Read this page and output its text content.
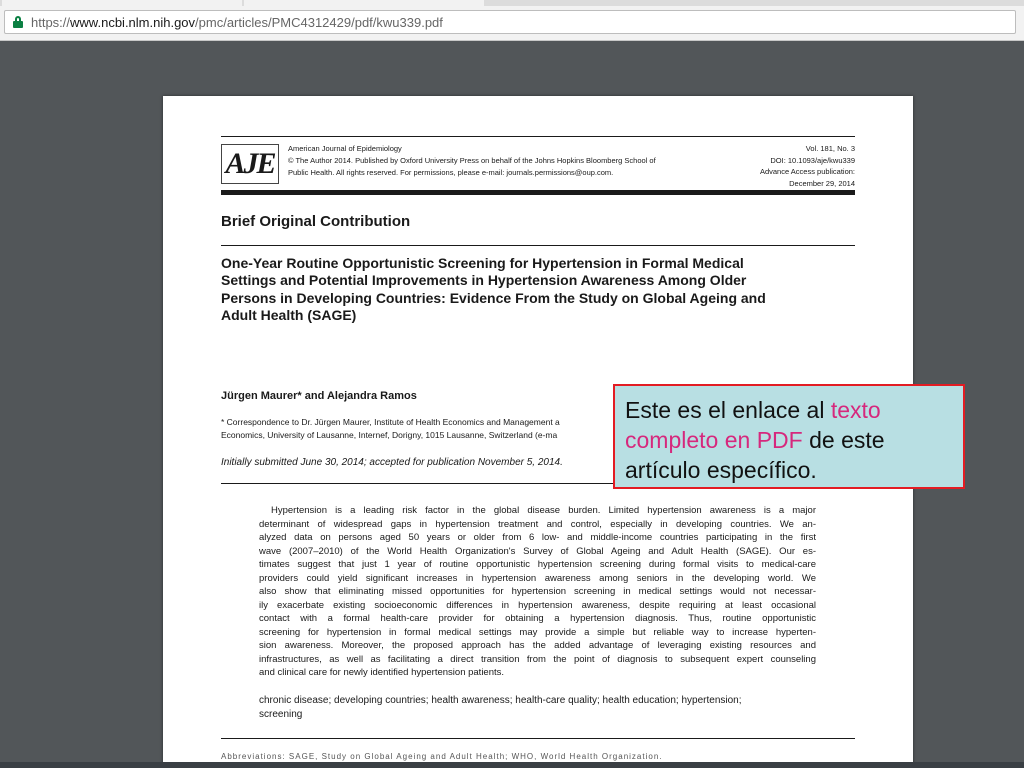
https://www.ncbi.nlm.nih.gov/pmc/articles/PMC4312429/pdf/kwu339.pdf
AJE	American Journal of Epidemiology
© The Author 2014. Published by Oxford University Press on behalf of the Johns Hopkins Bloomberg School of
Public Health. All rights reserved. For permissions, please e-mail: journals.permissions@oup.com.
Vol. 181, No. 3
DOI: 10.1093/aje/kwu339
Advance Access publication:
December 29, 2014
Brief Original Contribution
One-Year Routine Opportunistic Screening for Hypertension in Formal Medical
Settings and Potential Improvements in Hypertension Awareness Among Older
Persons in Developing Countries: Evidence From the Study on Global Ageing and
Adult Health (SAGE)
Jürgen Maurer* and Alejandra Ramos
* Correspondence to Dr. Jürgen Maurer, Institute of Health Economics and Management a
Economics, University of Lausanne, Internef, Dorigny, 1015 Lausanne, Switzerland (e-ma
Initially submitted June 30, 2014; accepted for publication November 5, 2014.
Hypertension is a leading risk factor in the global disease burden. Limited hypertension awareness is a major
determinant of widespread gaps in hypertension treatment and control, especially in developing countries. We an-
alyzed data on persons aged 50 years or older from 6 low- and middle-income countries participating in the first
wave (2007–2010) of the World Health Organization's Survey of Global Ageing and Adult Health (SAGE). Our es-
timates suggest that just 1 year of routine opportunistic hypertension screening during formal visits to medical-care
providers could yield significant increases in hypertension awareness among seniors in the developing world. We
also show that eliminating missed opportunities for hypertension screening in medical settings would not necessar-
ily exacerbate existing socioeconomic differences in hypertension awareness, despite requiring at least occasional
contact with a formal health-care provider for obtaining a hypertension diagnosis. Thus, routine opportunistic
screening for hypertension in formal medical settings may provide a simple but reliable way to increase hyperten-
sion awareness. Moreover, the proposed approach has the added advantage of leveraging existing resources and
infrastructures, as well as facilitating a direct transition from the point of diagnosis to subsequent expert counseling
and clinical care for newly identified hypertension patients.
chronic disease; developing countries; health awareness; health-care quality; health education; hypertension;
screening
Abbreviations: SAGE, Study on Global Ageing and Adult Health; WHO, World Health Organization.
Este es el enlace al texto completo en PDF de este artículo específico.
